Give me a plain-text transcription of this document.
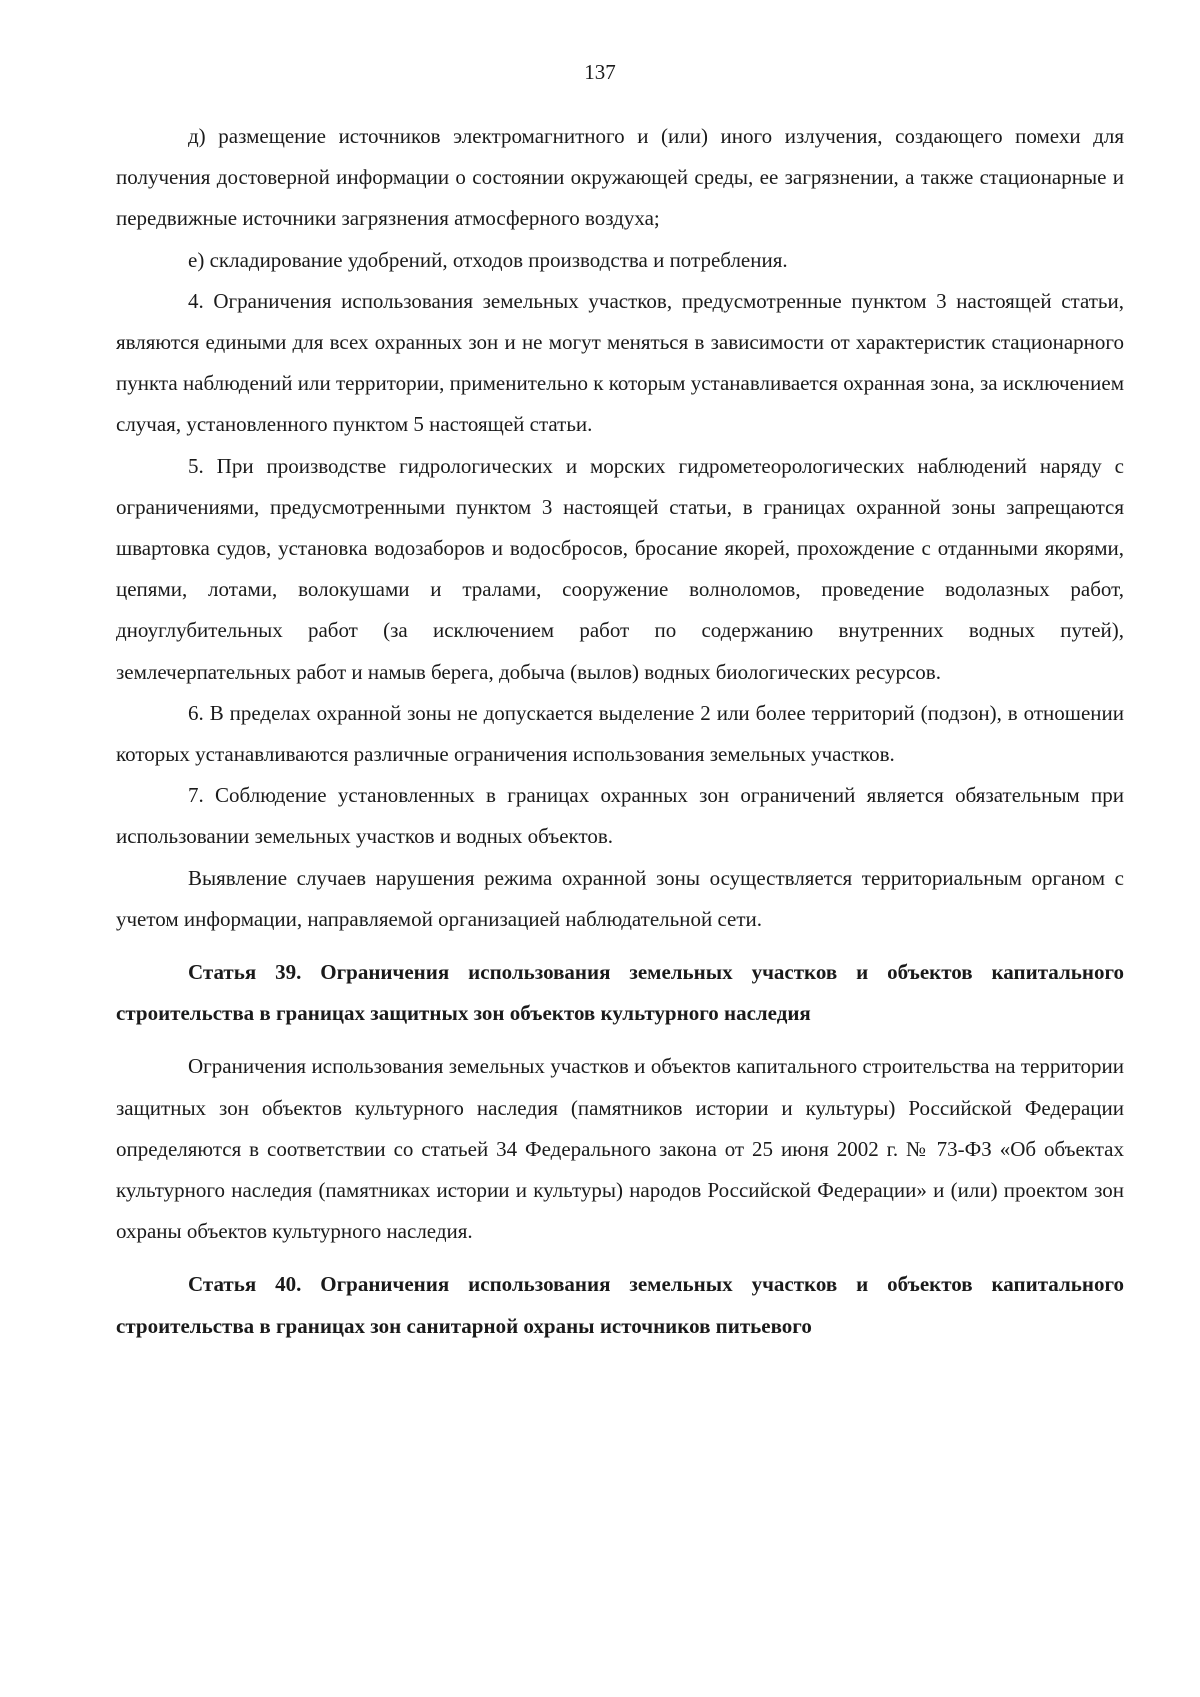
137

д) размещение источников электромагнитного и (или) иного излучения, создающего помехи для получения достоверной информации о состоянии окружающей среды, ее загрязнении, а также стационарные и передвижные источники загрязнения атмосферного воздуха;

е) складирование удобрений, отходов производства и потребления.

4. Ограничения использования земельных участков, предусмотренные пунктом 3 настоящей статьи, являются едиными для всех охранных зон и не могут меняться в зависимости от характеристик стационарного пункта наблюдений или территории, применительно к которым устанавливается охранная зона, за исключением случая, установленного пунктом 5 настоящей статьи.

5. При производстве гидрологических и морских гидрометеорологических наблюдений наряду с ограничениями, предусмотренными пунктом 3 настоящей статьи, в границах охранной зоны запрещаются швартовка судов, установка водозаборов и водосбросов, бросание якорей, прохождение с отданными якорями, цепями, лотами, волокушами и тралами, сооружение волноломов, проведение водолазных работ, дноуглубительных работ (за исключением работ по содержанию внутренних водных путей), землечерпательных работ и намыв берега, добыча (вылов) водных биологических ресурсов.

6. В пределах охранной зоны не допускается выделение 2 или более территорий (подзон), в отношении которых устанавливаются различные ограничения использования земельных участков.

7. Соблюдение установленных в границах охранных зон ограничений является обязательным при использовании земельных участков и водных объектов.

Выявление случаев нарушения режима охранной зоны осуществляется территориальным органом с учетом информации, направляемой организацией наблюдательной сети.

Статья 39. Ограничения использования земельных участков и объектов капитального строительства в границах защитных зон объектов культурного наследия

Ограничения использования земельных участков и объектов капитального строительства на территории защитных зон объектов культурного наследия (памятников истории и культуры) Российской Федерации определяются в соответствии со статьей 34 Федерального закона от 25 июня 2002 г. № 73-ФЗ «Об объектах культурного наследия (памятниках истории и культуры) народов Российской Федерации» и (или) проектом зон охраны объектов культурного наследия.

Статья 40. Ограничения использования земельных участков и объектов капитального строительства в границах зон санитарной охраны источников питьевого
